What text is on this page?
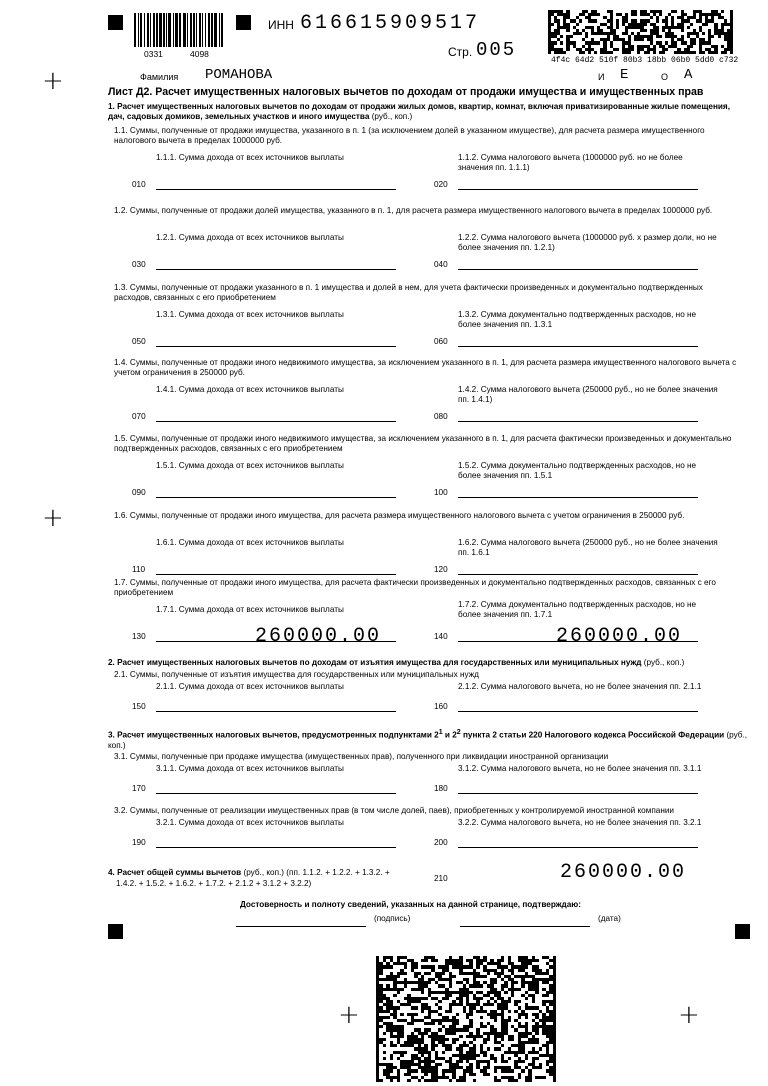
+
+
+	+
0331	4098
ИНН 616615909517
Стр. 005	4f4c 64d2 510f 80b3 18bb 06b0 5dd0 c732
Фамилия РОМАНОВА	И Е	О А
Лист Д2. Расчет имущественных налоговых вычетов по доходам от продажи имущества и имущественных прав
1. Расчет имущественных налоговых вычетов по доходам от продажи жилых домов, квартир, комнат, включая приватизированные жилые помещения, дач, садовых домиков, земельных участков и иного имущества (руб., коп.)
1.1. Суммы, полученные от продажи имущества, указанного в п. 1 (за исключением долей в указанном имуществе), для расчета размера имущественного налогового вычета в пределах 1000000 руб.
1.1.1. Сумма дохода от всех источников выплаты	1.1.2. Сумма налогового вычета (1000000 руб. но не более значения пп. 1.1.1)
010	020
1.2. Суммы, полученные от продажи долей имущества, указанного в п. 1, для расчета размера имущественного налогового вычета в пределах 1000000 руб.
1.2.1. Сумма дохода от всех источников выплаты	1.2.2. Сумма налогового вычета (1000000 руб. х размер доли, но не более значения пп. 1.2.1)
030	040
1.3. Суммы, полученные от продажи указанного в п. 1 имущества и долей в нем, для учета фактически произведенных и документально подтвержденных расходов, связанных с его приобретением
1.3.1. Сумма дохода от всех источников выплаты	1.3.2. Сумма документально подтвержденных расходов, но не более значения пп. 1.3.1
050	060
1.4. Суммы, полученные от продажи иного недвижимого имущества, за исключением указанного в п. 1, для расчета размера имущественного налогового вычета с учетом ограничения в 250000 руб.
1.4.1. Сумма дохода от всех источников выплаты	1.4.2. Сумма налогового вычета (250000 руб., но не более значения пп. 1.4.1)
070	080
1.5. Суммы, полученные от продажи иного недвижимого имущества, за исключением указанного в п. 1, для расчета фактически произведенных и документально подтвержденных расходов, связанных с его приобретением
1.5.1. Сумма дохода от всех источников выплаты	1.5.2. Сумма документально подтвержденных расходов, но не более значения пп. 1.5.1
090	100
1.6. Суммы, полученные от продажи иного имущества, для расчета размера имущественного налогового вычета с учетом ограничения в 250000 руб.
1.6.1. Сумма дохода от всех источников выплаты	1.6.2. Сумма налогового вычета (250000 руб., но не более значения пп. 1.6.1
110	120
1.7. Суммы, полученные от продажи иного имущества, для расчета фактически произведенных и документально подтвержденных расходов, связанных с его приобретением
1.7.1. Сумма дохода от всех источников выплаты
1.7.2. Сумма документально подтвержденных расходов, но не более значения пп. 1.7.1
130	140
260000.00	260000.00
2. Расчет имущественных налоговых вычетов по доходам от изъятия имущества для государственных или муниципальных нужд (руб., коп.)
2.1. Суммы, полученные от изъятия имущества для государственных или муниципальных нужд
2.1.1. Сумма дохода от всех источников выплаты	2.1.2. Сумма налогового вычета, но не более значения пп. 2.1.1
150	160
3. Расчет имущественных налоговых вычетов, предусмотренных подпунктами $2^1$ и $2^2$ пункта 2 статьи 220 Налогового кодекса Российской Федерации (руб., коп.)
3.1. Суммы, полученные при продаже имущества (имущественных прав), полученного при ликвидации иностранной организации
3.1.1. Сумма дохода от всех источников выплаты	3.1.2. Сумма налогового вычета, но не более значения пп. 3.1.1
170	180
3.2. Суммы, полученные от реализации имущественных прав (в том числе долей, паев), приобретенных у контролируемой иностранной компании
3.2.1. Сумма дохода от всех источников выплаты	3.2.2. Сумма налогового вычета, но не более значения пп. 3.2.1
190	200
4. Расчет общей суммы вычетов (руб., коп.) (пп. 1.1.2. + 1.2.2. + 1.3.2. +
1.4.2. + 1.5.2. + 1.6.2. + 1.7.2. + 2.1.2 + 3.1.2 + 3.2.2)
210	260000.00
Достоверность и полноту сведений, указанных на данной странице, подтверждаю:
(подпись)	(дата)
